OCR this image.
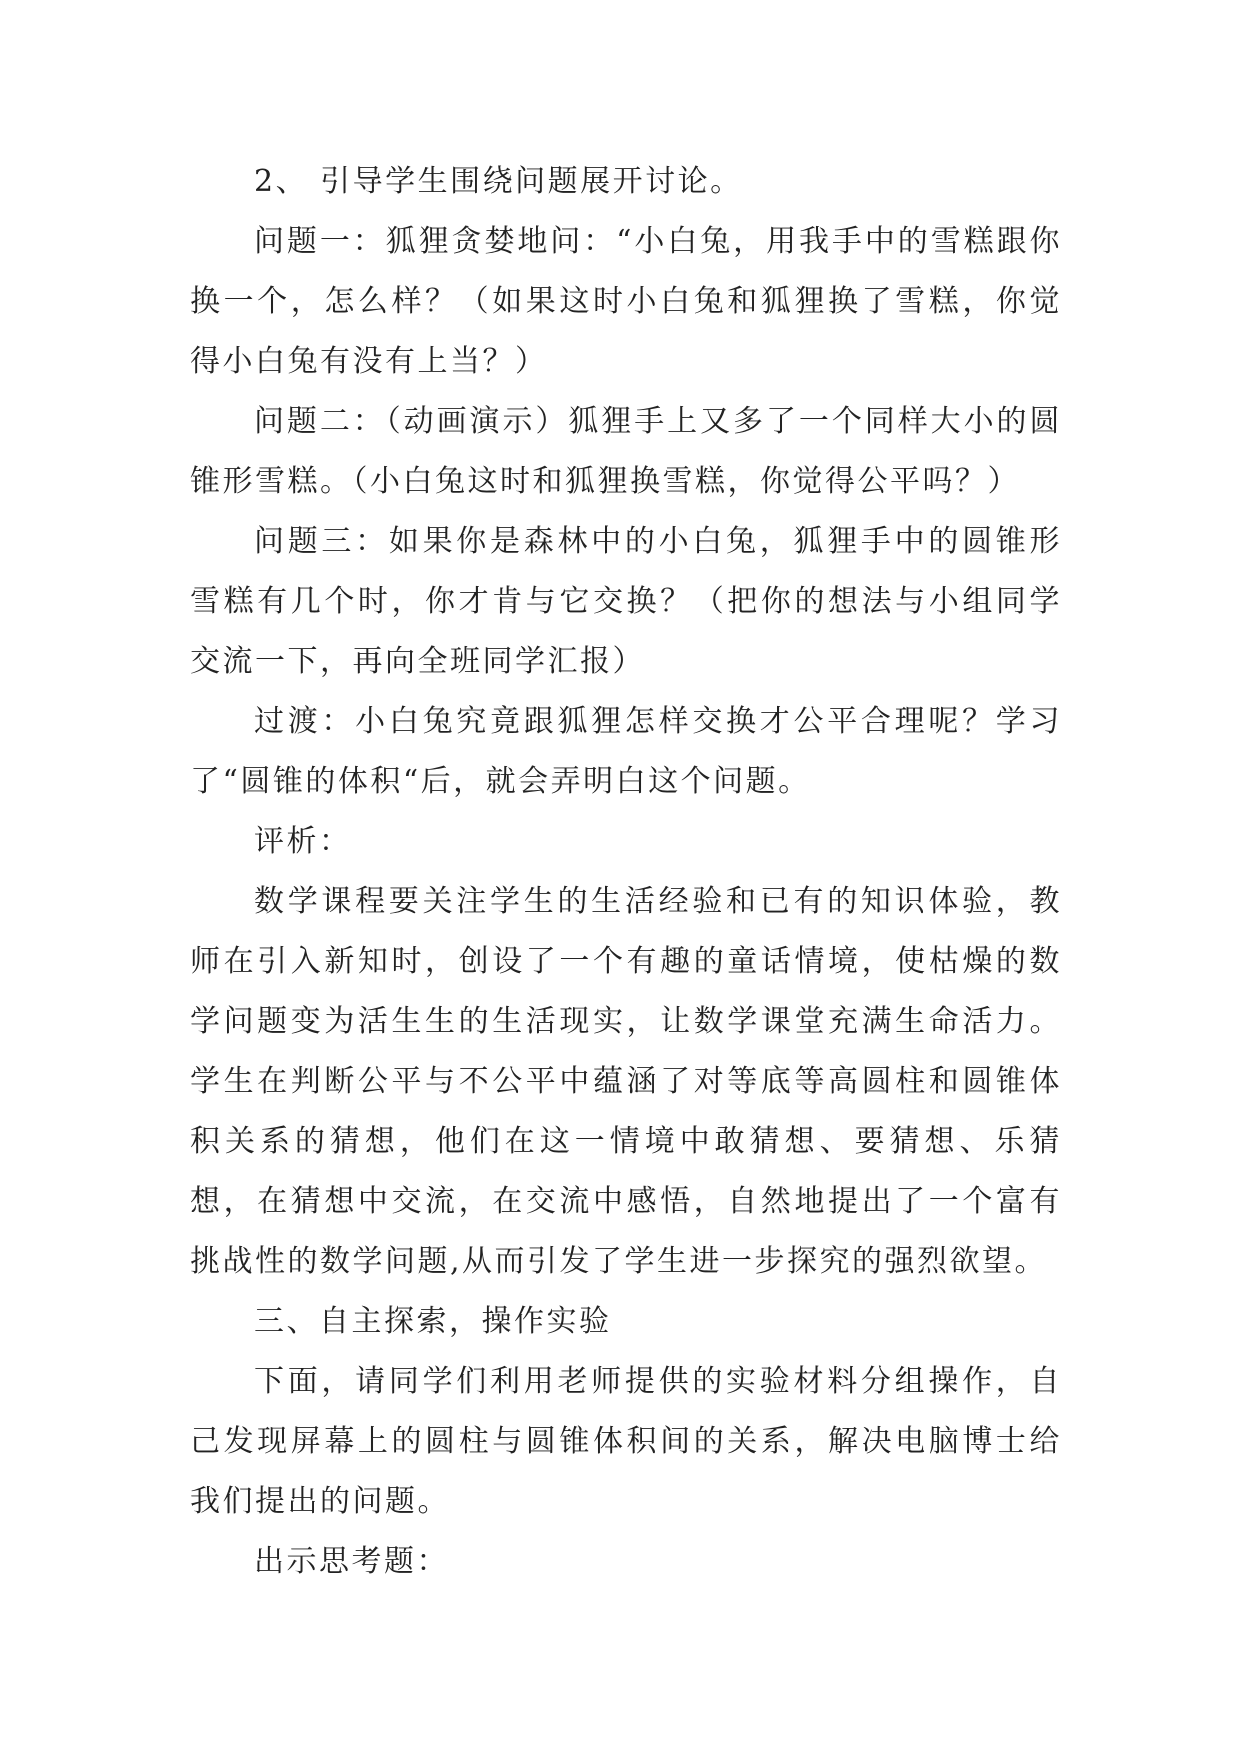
2、 引导学生围绕问题展开讨论。

问题一：狐狸贪婪地问：“小白兔，用我手中的雪糕跟你换一个，怎么样？（如果这时小白兔和狐狸换了雪糕，你觉得小白兔有没有上当？）

问题二：（动画演示）狐狸手上又多了一个同样大小的圆锥形雪糕。（小白兔这时和狐狸换雪糕，你觉得公平吗？）

问题三：如果你是森林中的小白兔，狐狸手中的圆锥形雪糕有几个时，你才肯与它交换？（把你的想法与小组同学交流一下，再向全班同学汇报）

过渡：小白兔究竟跟狐狸怎样交换才公平合理呢？学习了“圆锥的体积“后，就会弄明白这个问题。

评析：

数学课程要关注学生的生活经验和已有的知识体验，教师在引入新知时，创设了一个有趣的童话情境，使枯燥的数学问题变为活生生的生活现实，让数学课堂充满生命活力。学生在判断公平与不公平中蕴涵了对等底等高圆柱和圆锥体积关系的猜想，他们在这一情境中敢猜想、要猜想、乐猜想，在猜想中交流，在交流中感悟，自然地提出了一个富有挑战性的数学问题,从而引发了学生进一步探究的强烈欲望。

三、自主探索，操作实验

下面，请同学们利用老师提供的实验材料分组操作，自己发现屏幕上的圆柱与圆锥体积间的关系，解决电脑博士给我们提出的问题。

出示思考题：
